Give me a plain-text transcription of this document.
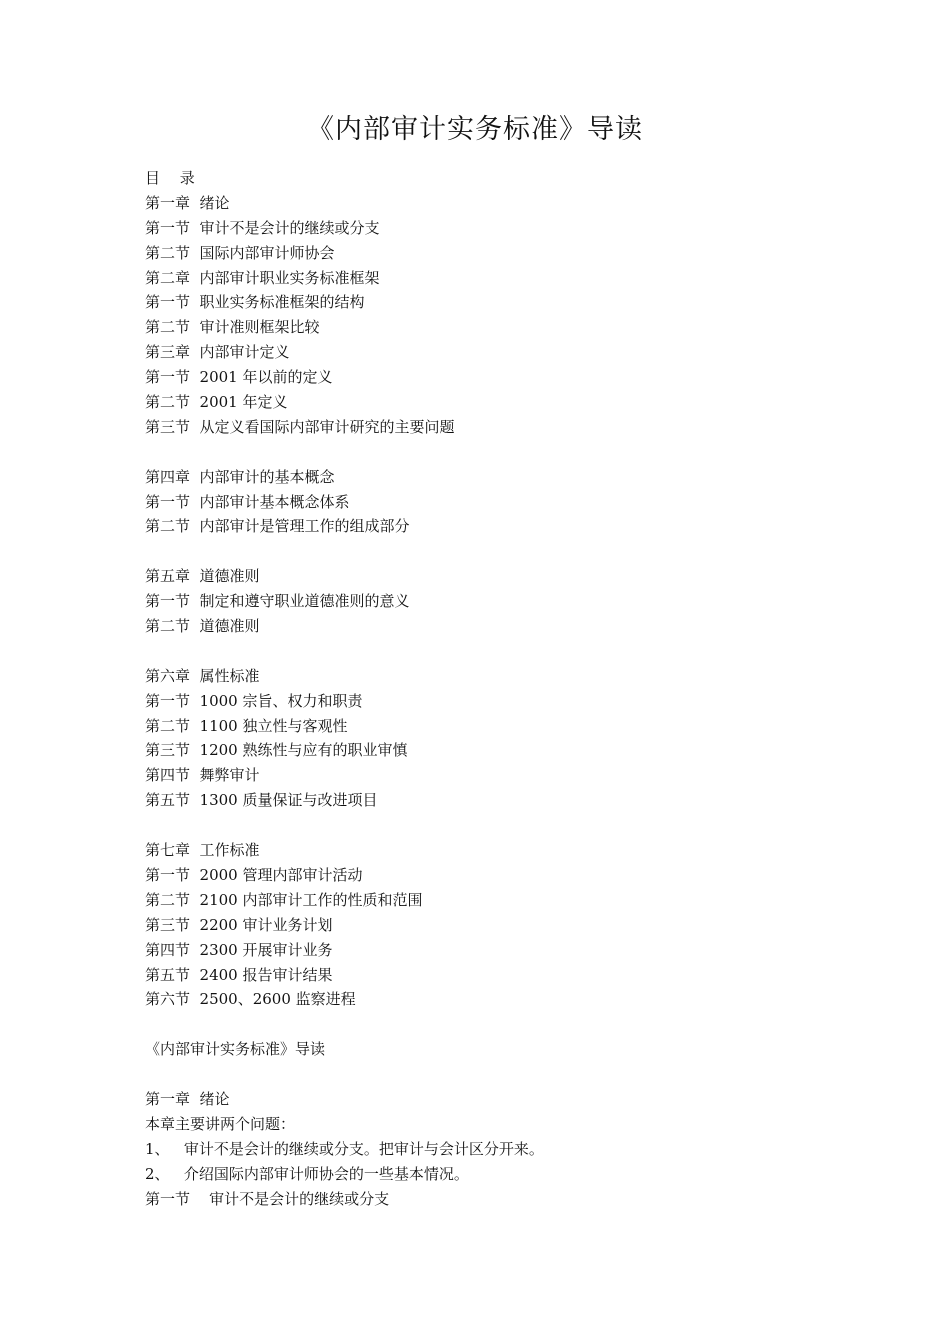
《内部审计实务标准》导读
目　 录
第一章  绪论
第一节  审计不是会计的继续或分支
第二节  国际内部审计师协会
第二章  内部审计职业实务标准框架
第一节  职业实务标准框架的结构
第二节  审计准则框架比较
第三章  内部审计定义
第一节  2001 年以前的定义
第二节  2001 年定义
第三节  从定义看国际内部审计研究的主要问题
第四章  内部审计的基本概念
第一节  内部审计基本概念体系
第二节  内部审计是管理工作的组成部分
第五章  道德准则
第一节  制定和遵守职业道德准则的意义
第二节  道德准则
第六章  属性标准
第一节  1000 宗旨、权力和职责
第二节  1100 独立性与客观性
第三节  1200 熟练性与应有的职业审慎
第四节  舞弊审计
第五节  1300 质量保证与改进项目
第七章  工作标准
第一节  2000 管理内部审计活动
第二节  2100 内部审计工作的性质和范围
第三节  2200 审计业务计划
第四节  2300 开展审计业务
第五节  2400 报告审计结果
第六节  2500、2600 监察进程
《内部审计实务标准》导读
第一章  绪论
本章主要讲两个问题：
1、   审计不是会计的继续或分支。把审计与会计区分开来。
2、   介绍国际内部审计师协会的一些基本情况。
第一节    审计不是会计的继续或分支
